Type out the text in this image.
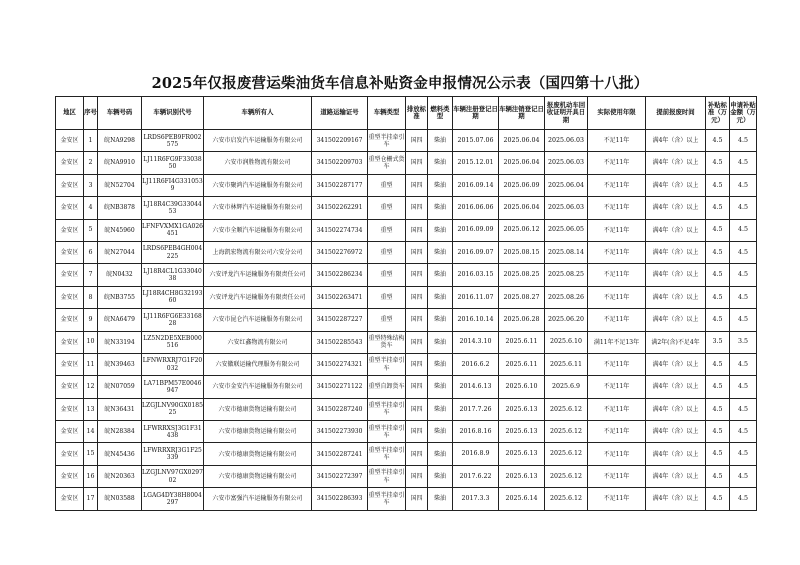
2025年仅报废营运柴油货车信息补贴资金申报情况公示表（国四第十八批）
地区	序号	车辆号码	车辆识别代号	车辆所有人	道路运输证号	车辆类型	排放标准	燃料类型	车辆注册登记日期	车辆注销登记日期	报废机动车回收证明开具日期	实际使用年限	提前报废时间	补贴标准（万元）	申请补贴金额（万元）
金安区	1	皖NA9298	LRDS6PEB9FR002575	六安市启发汽车运输服务有限公司	341502209167	重型半挂牵引车	国四	柴油	2015.07.06	2025.06.04	2025.06.03	不足11年	满4年（含）以上	4.5	4.5
金安区	2	皖NA9910	LJ11R6FG9F3303850	六安市润胜物流有限公司	341502209703	重型仓栅式货车	国四	柴油	2015.12.01	2025.06.04	2025.06.03	不足11年	满4年（含）以上	4.5	4.5
金安区	3	皖N52704	LJ11R6FI4G3310539	六安市聚鸿汽车运输服务有限公司	341502287177	重型	国四	柴油	2016.09.14	2025.06.09	2025.06.04	不足11年	满4年（含）以上	4.5	4.5
金安区	4	皖NB3878	LJ18R4C39G3304453	六安市林辉汽车运输服务有限公司	341502262291	重型	国四	柴油	2016.06.06	2025.06.04	2025.06.03	不足11年	满4年（含）以上	4.5	4.5
金安区	5	皖N45960	LFNFVXMX1GA026451	六安市全顺汽车运输服务有限公司	341502274734	重型	国四	柴油	2016.09.09	2025.06.12	2025.06.05	不足11年	满4年（含）以上	4.5	4.5
金安区	6	皖N27044	LRDS6PEB4GH004225	上海凯宏物流有限公司六安分公司	341502276972	重型	国四	柴油	2016.09.07	2025.08.15	2025.08.14	不足11年	满4年（含）以上	4.5	4.5
金安区	7	皖N0432	LJ18R4CL1G3304038	六安评龙汽车运输服务有限责任公司	341502286234	重型	国四	柴油	2016.03.15	2025.08.25	2025.08.25	不足11年	满4年（含）以上	4.5	4.5
金安区	8	皖NB3755	LJ18R4CH8G3219360	六安评龙汽车运输服务有限责任公司	341502263471	重型	国四	柴油	2016.11.07	2025.08.27	2025.08.26	不足11年	满4年（含）以上	4.5	4.5
金安区	9	皖NA6479	LJ11R6FG6E3316828	六安市昆仑汽车运输服务有限公司	341502287227	重型	国四	柴油	2016.10.14	2025.06.28	2025.06.20	不足11年	满4年（含）以上	4.5	4.5
金安区	10	皖N33194	LZ5N2DE5XEB000516	六安红鑫物流有限公司	341502285543	重型特殊结构货车	国四	柴油	2014.3.10	2025.6.11	2025.6.10	满11年不足13年	满2年(含)不足4年	3.5	3.5
金安区	11	皖N39463	LFNWRXRJ7G1F20032	六安徽联运输代理服务有限公司	341502274321	重型半挂牵引车	国四	柴油	2016.6.2	2025.6.11	2025.6.11	不足11年	满4年（含）以上	4.5	4.5
金安区	12	皖N07059	LA71BPM57E0046947	六安市金安汽车运输服务有限公司	341502271122	重型自卸货车	国四	柴油	2014.6.13	2025.6.10	2025.6.9	不足11年	满4年（含）以上	4.5	4.5
金安区	13	皖N36431	LZGJLNV90GX018525	六安市德康货物运输有限公司	341502287240	重型半挂牵引车	国四	柴油	2017.7.26	2025.6.13	2025.6.12	不足11年	满4年（含）以上	4.5	4.5
金安区	14	皖N28384	LFWRRXSJ3G1F31438	六安市德康货物运输有限公司	341502273930	重型半挂牵引车	国四	柴油	2016.8.16	2025.6.13	2025.6.12	不足11年	满4年（含）以上	4.5	4.5
金安区	15	皖N45436	LFWRRXRJ3G1F25339	六安市德康货物运输有限公司	341502287241	重型半挂牵引车	国四	柴油	2016.8.9	2025.6.13	2025.6.12	不足11年	满4年（含）以上	4.5	4.5
金安区	16	皖N20363	LZGJLNV97GX029702	六安市德康货物运输有限公司	341502272397	重型半挂牵引车	国四	柴油	2017.6.22	2025.6.13	2025.6.12	不足11年	满4年（含）以上	4.5	4.5
金安区	17	皖N03588	LGAG4DY38H8004297	六安市富强汽车运输服务有限公司	341502286393	重型半挂牵引车	国四	柴油	2017.3.3	2025.6.14	2025.6.12	不足11年	满4年（含）以上	4.5	4.5
